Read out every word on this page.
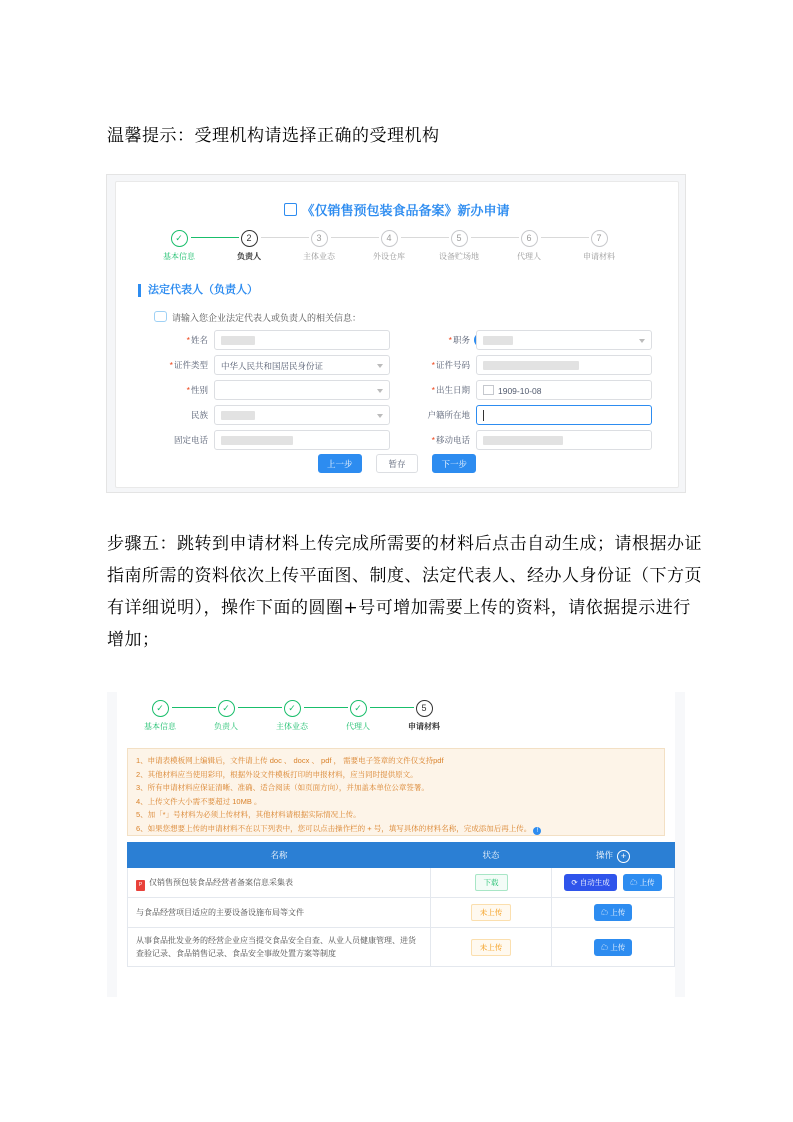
温馨提示：受理机构请选择正确的受理机构
《仅销售预包装食品备案》新办申请
✓
基本信息
2
负责人
3
主体业态
4
外设仓库
5
设备贮场地
6
代理人
7
申请材料
法定代表人（负责人）
请输入您企业法定代表人或负责人的相关信息：
*姓名	*职务
*证件类型	中华人民共和国居民身份证	*证件号码
*性别	*出生日期	1909-10-08
民族	户籍所在地
固定电话	*移动电话
上一步	暂存	下一步
步骤五：跳转到申请材料上传完成所需要的材料后点击自动生成；请根据办证指南所需的资料依次上传平面图、制度、法定代表人、经办人身份证（下方页有详细说明），操作下面的圆圈+号可增加需要上传的资料，请依据提示进行增加；
✓
基本信息
✓
负责人
✓
主体业态
✓
代理人
5
申请材料
1、申请表模板网上编辑后，文件请上传 doc 、 docx 、 pdf ， 需要电子签章的文件仅支持pdf
2、其他材料应当使用彩印，根据外设文件模板打印的申报材料，应当同时提供原文。
3、所有申请材料应保证清晰、准确、适合阅读（如页面方向），并加盖本单位公章签署。
4、上传文件大小需不要超过 10MB 。
5、加「*」号材料为必须上传材料，其他材料请根据实际情况上传。
6、如果您想要上传的申请材料不在以下列表中，您可以点击操作栏的 + 号，填写具体的材料名称，完成添加后再上传。 !
名称	状态	操作 +
P 仅销售预包装食品经营者备案信息采集表	下载	⟳ 自动生成 ☁ 上传
与食品经营项目适应的主要设备设施布局等文件	未上传	☁ 上传
从事食品批发业务的经营企业应当提交食品安全自查、从业人员健康管理、进货查验记录、食品销售记录、食品安全事故处置方案等制度	未上传	☁ 上传
